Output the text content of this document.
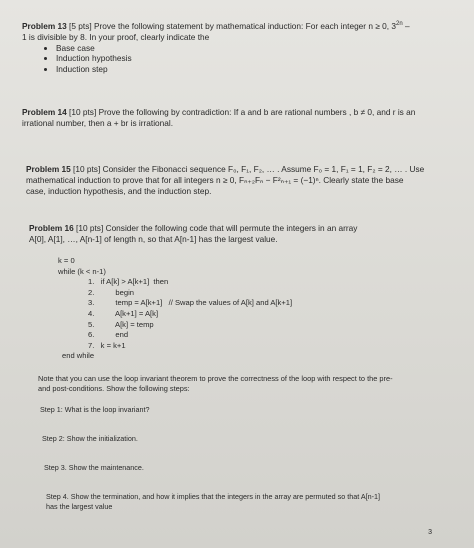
Problem 13 [5 pts] Prove the following statement by mathematical induction: For each integer n ≥ 0, $3^{2n}$ –
1 is divisible by 8. In your proof, clearly indicate the
• Base case
• Induction hypothesis
• Induction step
Problem 14 [10 pts] Prove the following by contradiction: If a and b are rational numbers , b ≠ 0, and r is an
irrational number, then a + br is irrational.
Problem 15 [10 pts] Consider the Fibonacci sequence F₀, F₁, F₂, … . Assume F₀ = 1, F₁ = 1, F₂ = 2, … . Use
mathematical induction to prove that for all integers n ≥ 0, Fₙ₊₂Fₙ − F²ₙ₊₁ = (−1)ⁿ. Clearly state the base
case, induction hypothesis, and the induction step.
Problem 16 [10 pts] Consider the following code that will permute the integers in an array
A[0], A[1], …, A[n-1] of length n, so that A[n-1] has the largest value.
k = 0
while (k < n-1)
1.   if A[k] > A[k+1]  then
2.          begin
3.          temp = A[k+1]   // Swap the values of A[k] and A[k+1]
4.          A[k+1] = A[k]
5.          A[k] = temp
6.          end
7.   k = k+1
end while
Note that you can use the loop invariant theorem to prove the correctness of the loop with respect to the pre-
and post-conditions. Show the following steps:
Step 1: What is the loop invariant?
Step 2: Show the initialization.
Step 3. Show the maintenance.
Step 4. Show the termination, and how it implies that the integers in the array are permuted so that A[n-1]
has the largest value
3
